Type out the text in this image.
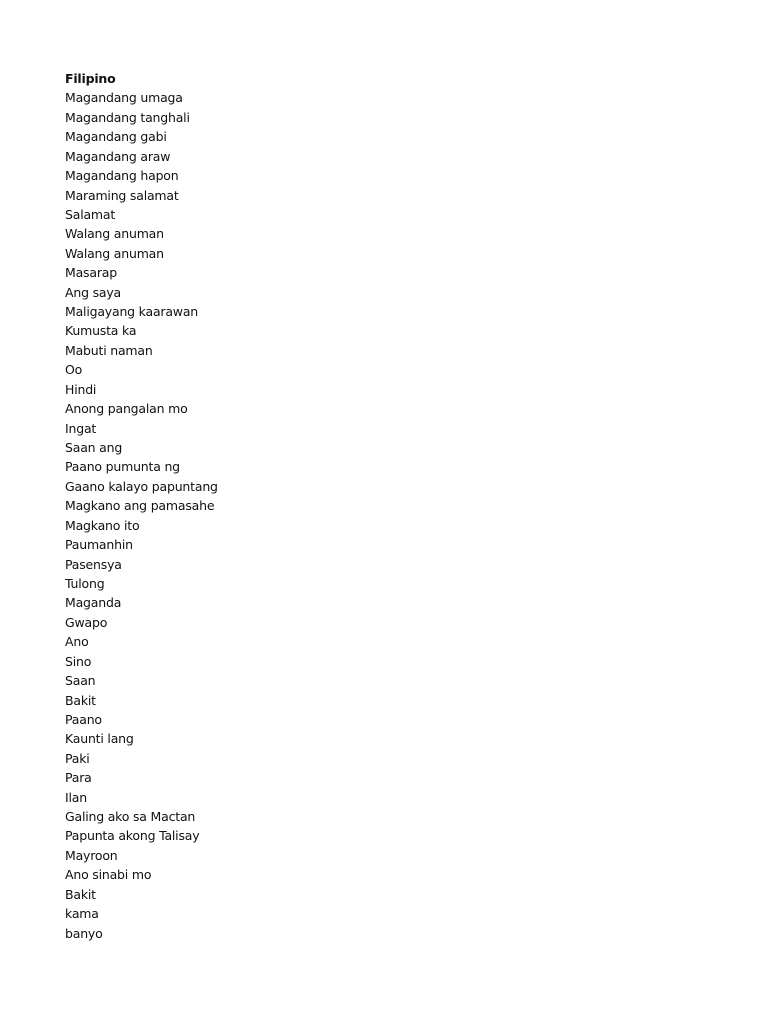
Filipino
Magandang umaga
Magandang tanghali
Magandang gabi
Magandang araw
Magandang hapon
Maraming salamat
Salamat
Walang anuman
Walang anuman
Masarap
Ang saya
Maligayang kaarawan
Kumusta ka
Mabuti naman
Oo
Hindi
Anong pangalan mo
Ingat
Saan ang
Paano pumunta ng
Gaano kalayo papuntang
Magkano ang pamasahe
Magkano ito
Paumanhin
Pasensya
Tulong
Maganda
Gwapo
Ano
Sino
Saan
Bakit
Paano
Kaunti lang
Paki
Para
Ilan
Galing ako sa Mactan
Papunta akong Talisay
Mayroon
Ano sinabi mo
Bakit
kama
banyo
